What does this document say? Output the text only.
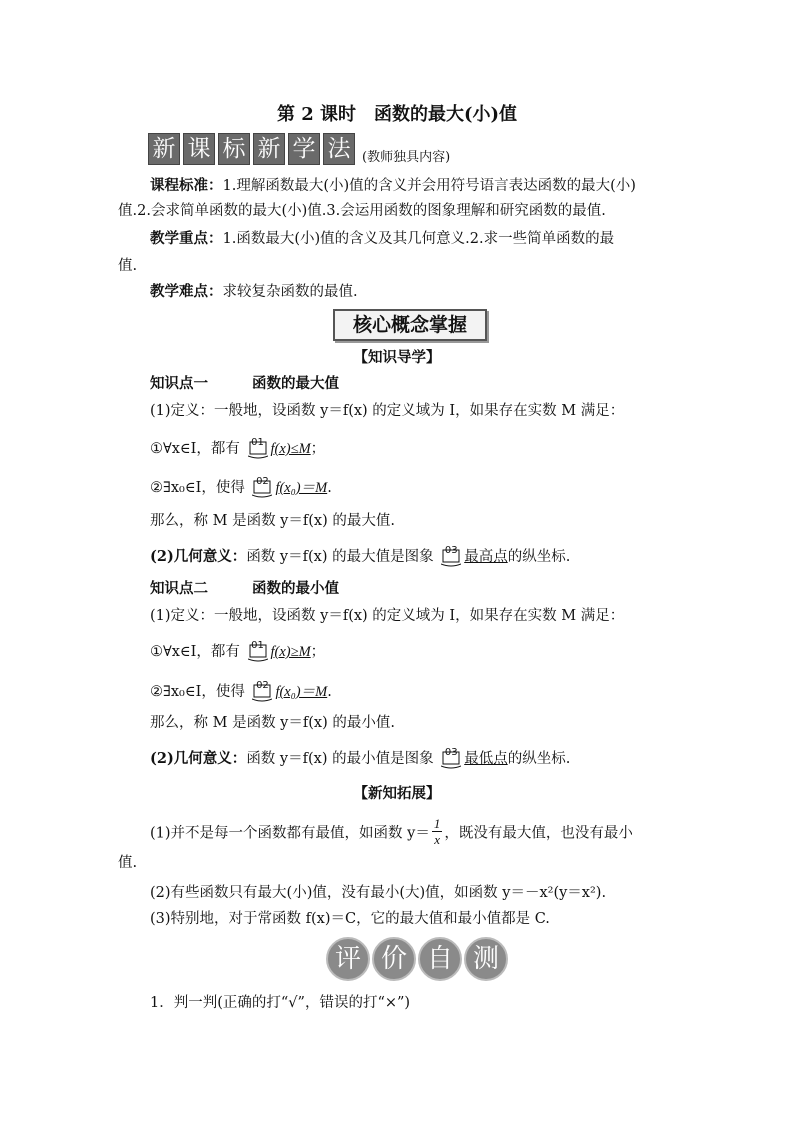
第 2 课时　函数的最大(小)值
新 课 标 新 学 法 (教师独具内容)
课程标准：1.理解函数最大(小)值的含义并会用符号语言表达函数的最大(小)
值.2.会求简单函数的最大(小)值.3.会运用函数的图象理解和研究函数的最值.
教学重点：1.函数最大(小)值的含义及其几何意义.2.求一些简单函数的最
值.
教学难点：求较复杂函数的最值.
核心概念掌握
【知识导学】
知识点一	函数的最大值
(1)定义：一般地，设函数 y＝f(x) 的定义域为 I，如果存在实数 M 满足：
①∀x∈I，都有	01 f(x)≤M；
②∃x₀∈I，使得	02 f(x₀)＝M.
那么，称 M 是函数 y＝f(x) 的最大值.
(2)几何意义：函数 y＝f(x) 的最大值是图象	03 最高点的纵坐标.
知识点二	函数的最小值
(1)定义：一般地，设函数 y＝f(x) 的定义域为 I，如果存在实数 M 满足：
①∀x∈I，都有	01 f(x)≥M；
②∃x₀∈I，使得	02 f(x₀)＝M.
那么，称 M 是函数 y＝f(x) 的最小值.
(2)几何意义：函数 y＝f(x) 的最小值是图象	03 最低点的纵坐标.
【新知拓展】
(1)并不是每一个函数都有最值，如函数 $y= \frac{1}{x}$ ，既没有最大值，也没有最小
值.
(2)有些函数只有最大(小)值，没有最小(大)值，如函数 y＝－x²(y＝x²).
(3)特别地，对于常函数 f(x)＝C，它的最大值和最小值都是 C.
评 价 自 测
1．判一判(正确的打“√”，错误的打“×”)
